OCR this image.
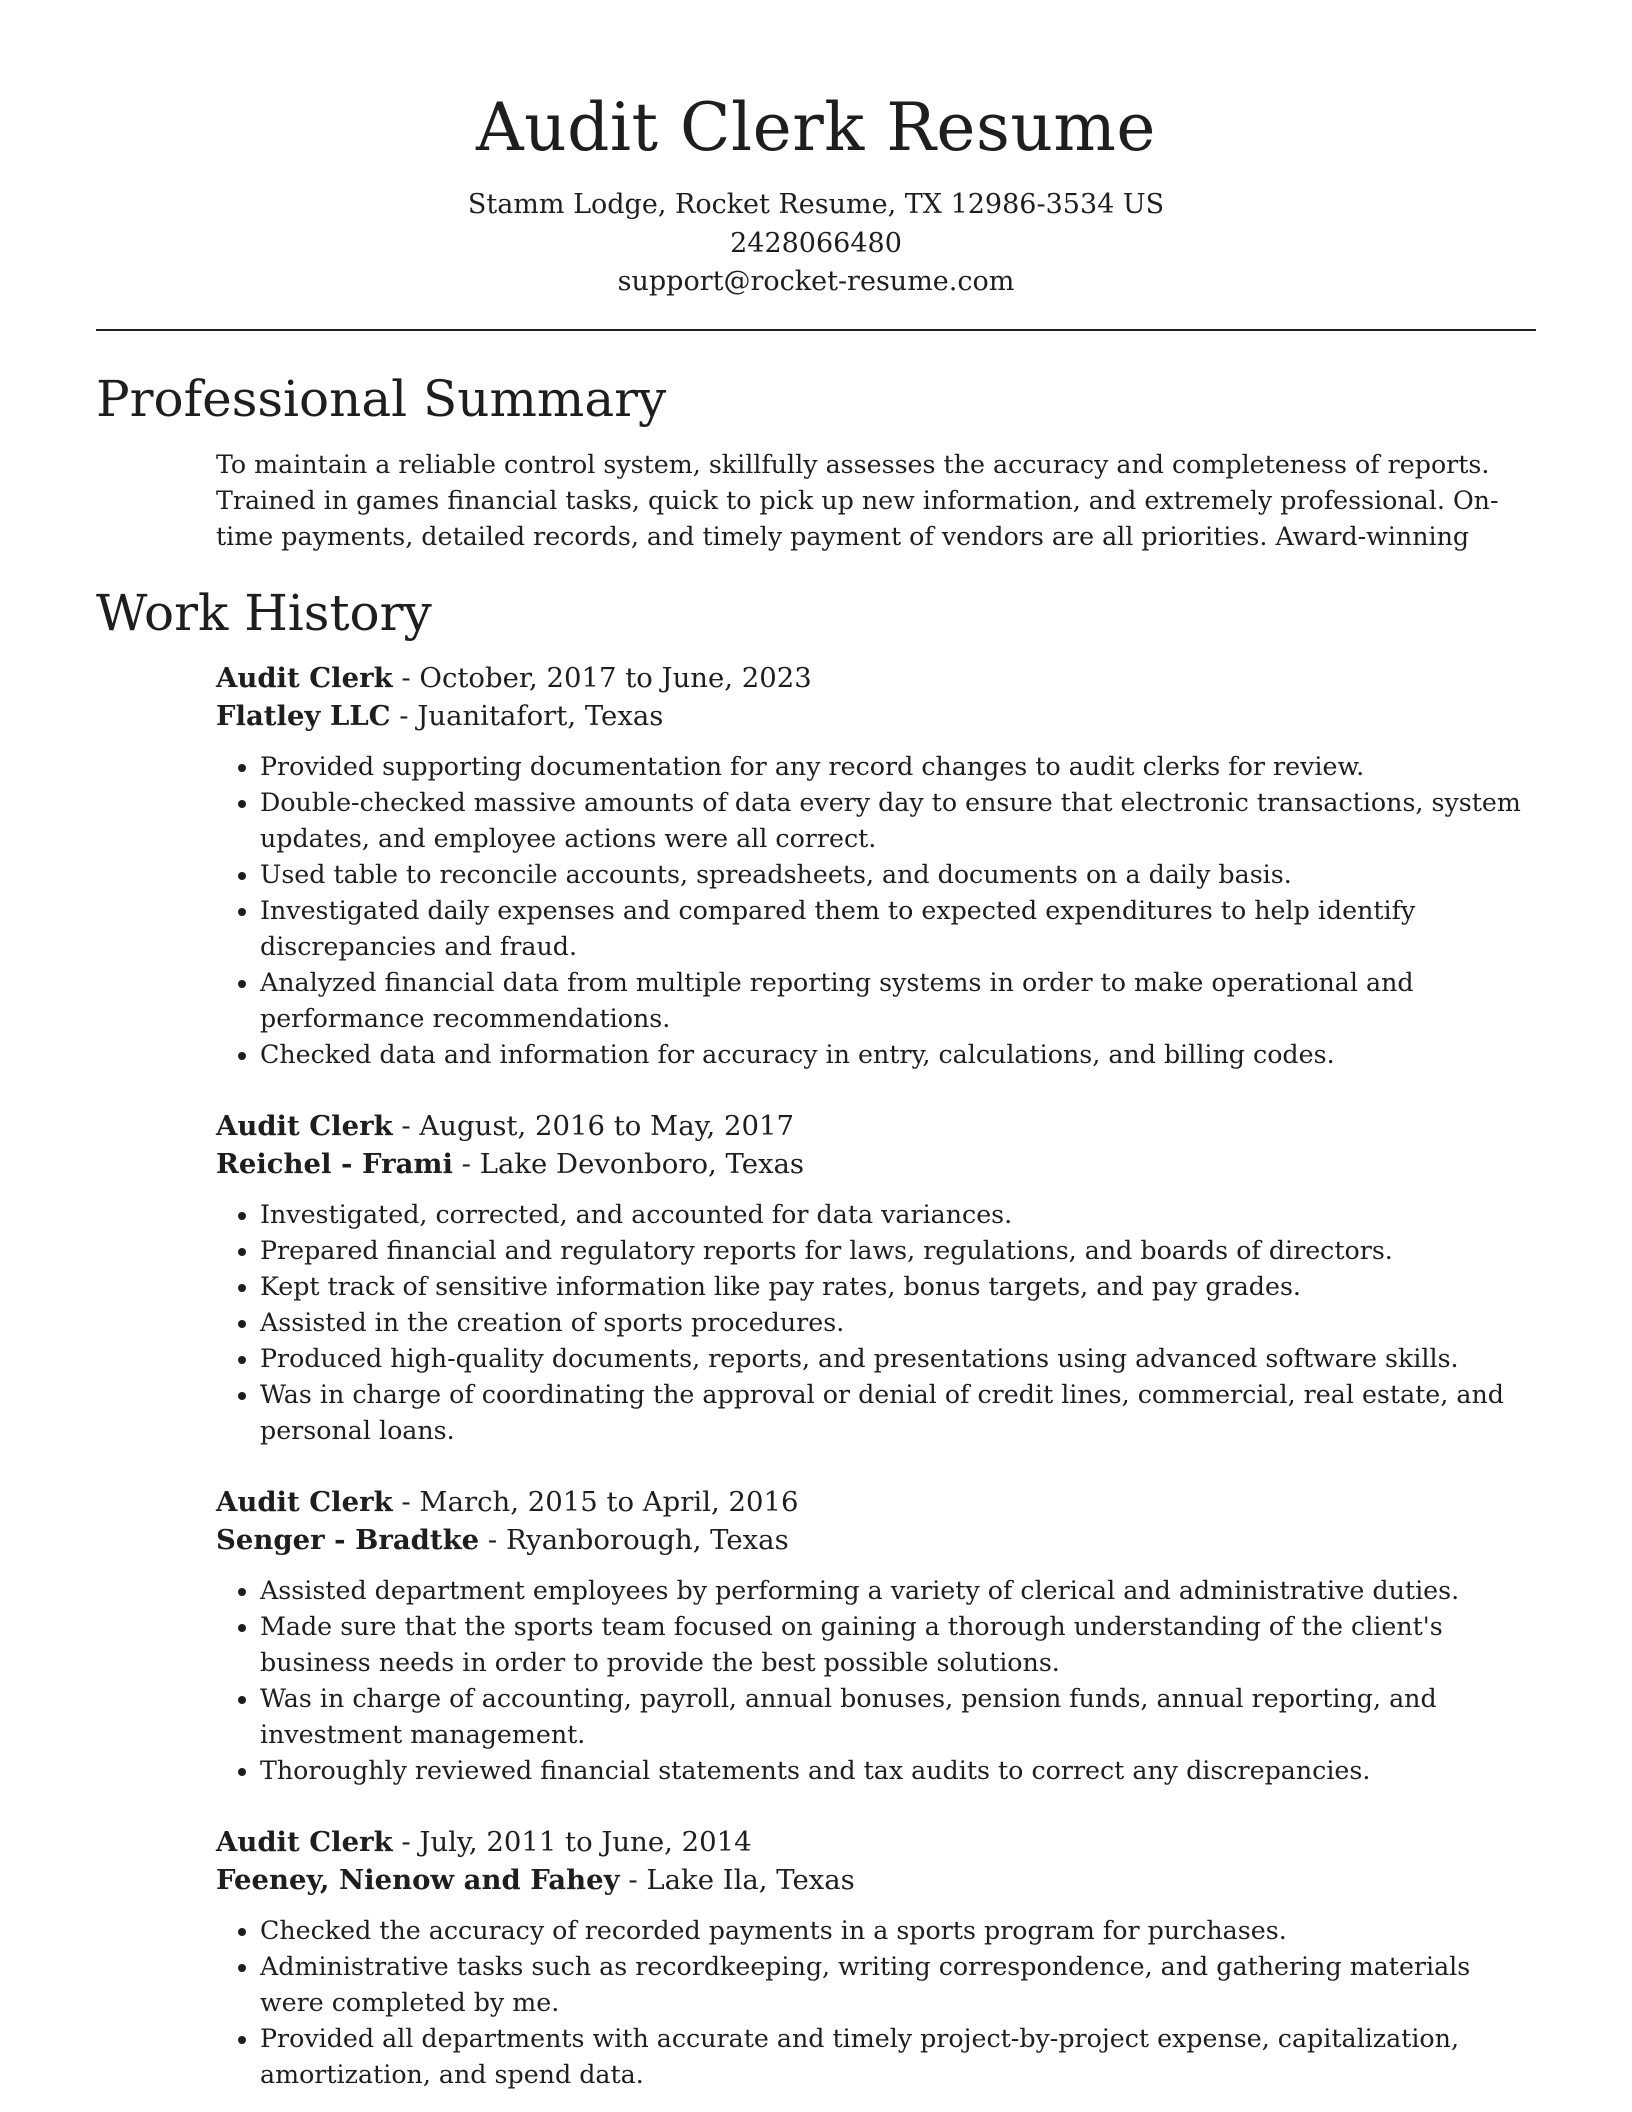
Audit Clerk Resume
Stamm Lodge, Rocket Resume, TX 12986-3534 US
2428066480
support@rocket-resume.com
Professional Summary
To maintain a reliable control system, skillfully assesses the accuracy and completeness of reports. Trained in games financial tasks, quick to pick up new information, and extremely professional. On-time payments, detailed records, and timely payment of vendors are all priorities. Award-winning
Work History
Audit Clerk - October, 2017 to June, 2023
Flatley LLC - Juanitafort, Texas
• Provided supporting documentation for any record changes to audit clerks for review.
• Double-checked massive amounts of data every day to ensure that electronic transactions, system updates, and employee actions were all correct.
• Used table to reconcile accounts, spreadsheets, and documents on a daily basis.
• Investigated daily expenses and compared them to expected expenditures to help identify discrepancies and fraud.
• Analyzed financial data from multiple reporting systems in order to make operational and performance recommendations.
• Checked data and information for accuracy in entry, calculations, and billing codes.
Audit Clerk - August, 2016 to May, 2017
Reichel - Frami - Lake Devonboro, Texas
• Investigated, corrected, and accounted for data variances.
• Prepared financial and regulatory reports for laws, regulations, and boards of directors.
• Kept track of sensitive information like pay rates, bonus targets, and pay grades.
• Assisted in the creation of sports procedures.
• Produced high-quality documents, reports, and presentations using advanced software skills.
• Was in charge of coordinating the approval or denial of credit lines, commercial, real estate, and personal loans.
Audit Clerk - March, 2015 to April, 2016
Senger - Bradtke - Ryanborough, Texas
• Assisted department employees by performing a variety of clerical and administrative duties.
• Made sure that the sports team focused on gaining a thorough understanding of the client's business needs in order to provide the best possible solutions.
• Was in charge of accounting, payroll, annual bonuses, pension funds, annual reporting, and investment management.
• Thoroughly reviewed financial statements and tax audits to correct any discrepancies.
Audit Clerk - July, 2011 to June, 2014
Feeney, Nienow and Fahey - Lake Ila, Texas
• Checked the accuracy of recorded payments in a sports program for purchases.
• Administrative tasks such as recordkeeping, writing correspondence, and gathering materials were completed by me.
• Provided all departments with accurate and timely project-by-project expense, capitalization, amortization, and spend data.
